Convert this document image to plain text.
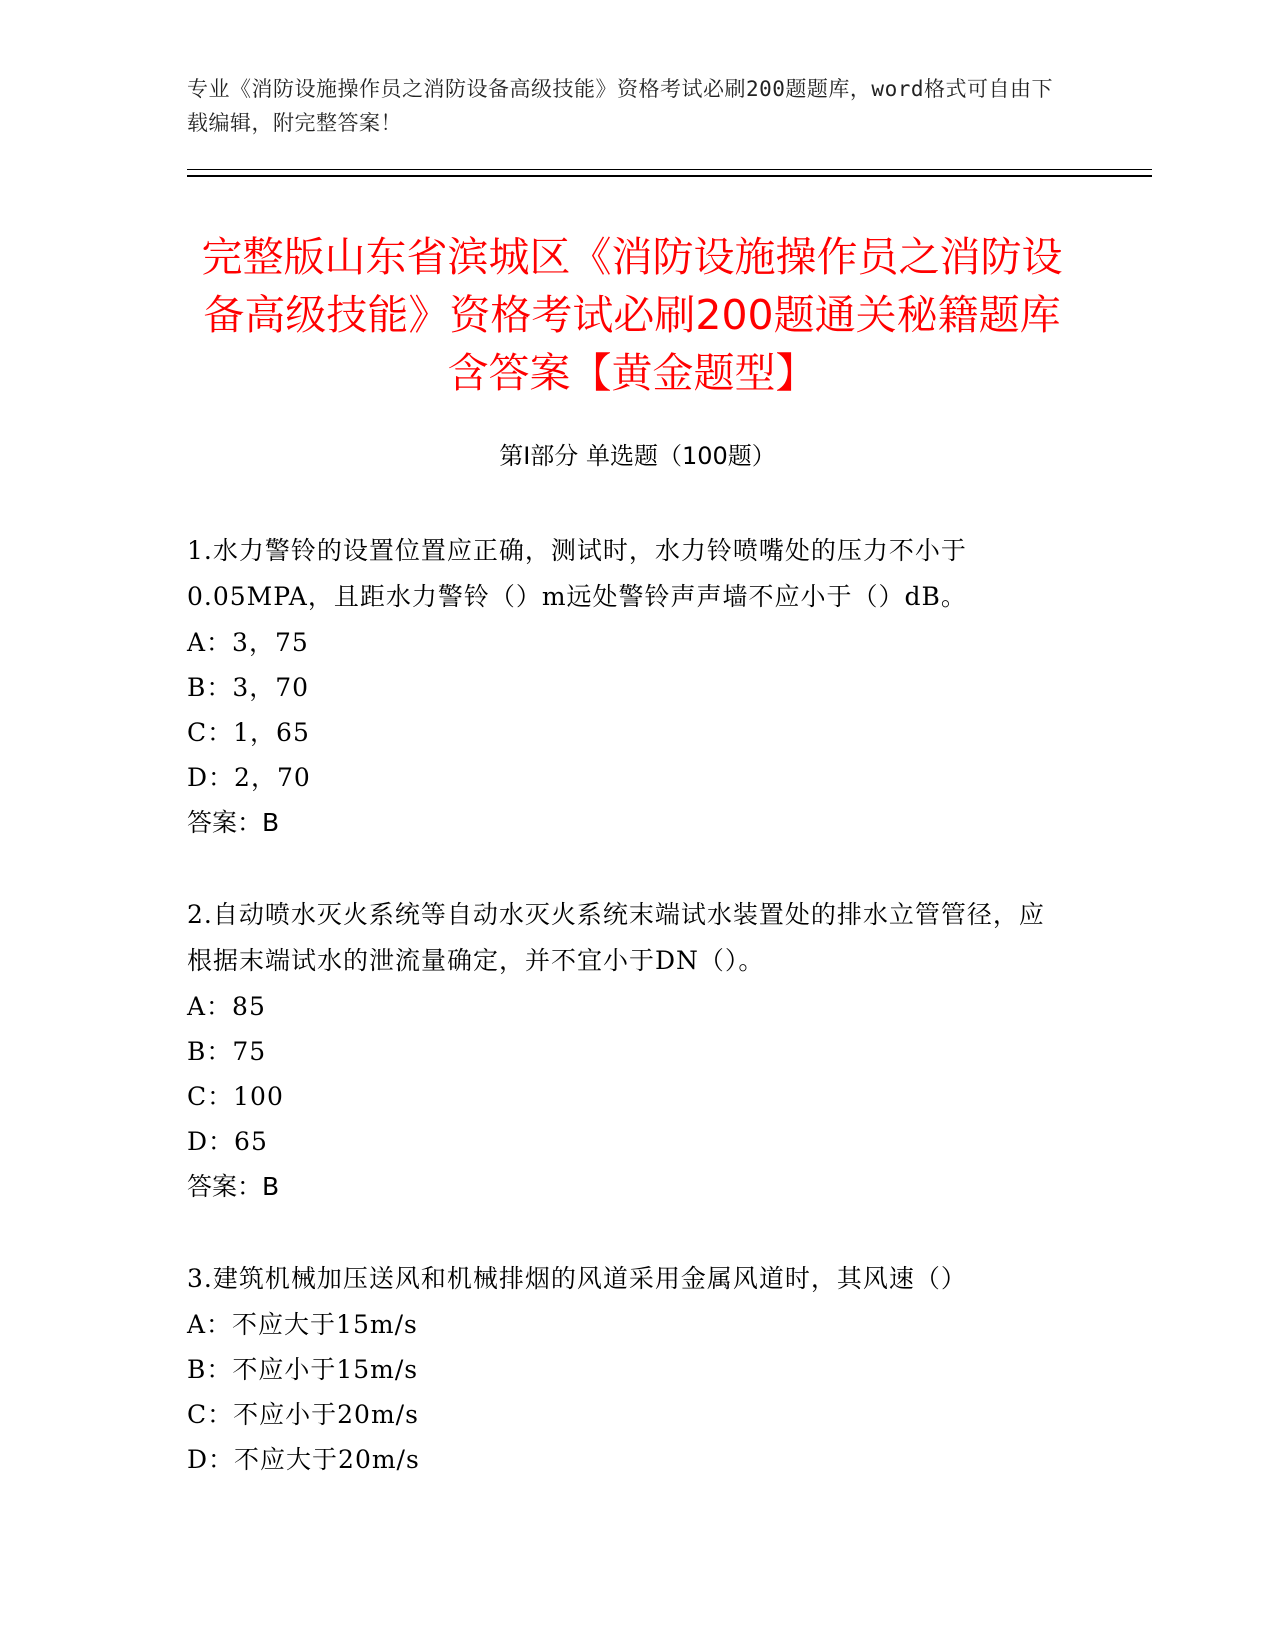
专业《消防设施操作员之消防设备高级技能》资格考试必刷200题题库，word格式可自由下载编辑，附完整答案！
完整版山东省滨城区《消防设施操作员之消防设备高级技能》资格考试必刷200题通关秘籍题库含答案【黄金题型】
第I部分 单选题（100题）

1.水力警铃的设置位置应正确，测试时，水力铃喷嘴处的压力不小于0.05MPA，且距水力警铃（）m远处警铃声声墙不应小于（）dB。

A：3，75

B：3，70

C：1，65

D：2，70

答案：B

2.自动喷水灭火系统等自动水灭火系统末端试水装置处的排水立管管径，应根据末端试水的泄流量确定，并不宜小于DN（）。

A：85

B：75

C：100

D：65

答案：B

3.建筑机械加压送风和机械排烟的风道采用金属风道时，其风速（）

A：不应大于15m/s

B：不应小于15m/s

C：不应小于20m/s

D：不应大于20m/s
